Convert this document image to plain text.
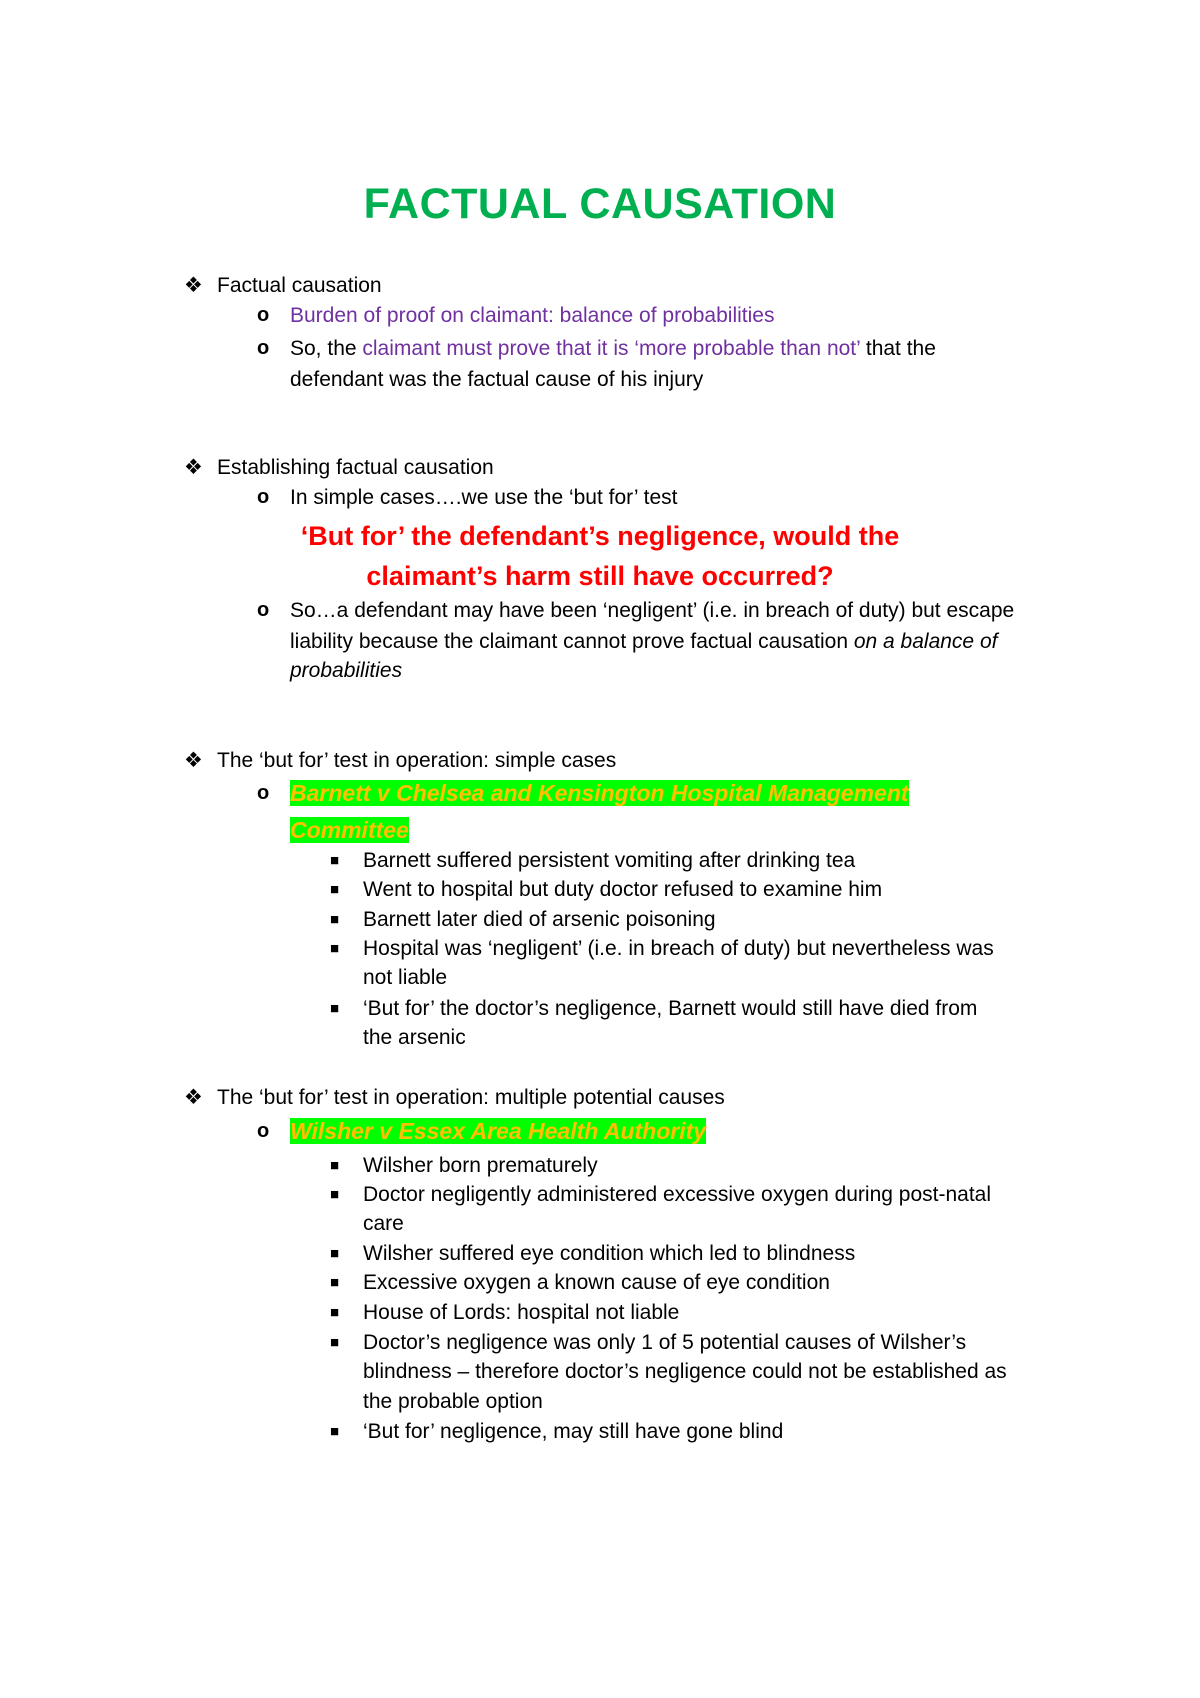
FACTUAL CAUSATION
❖ Factual causation
o Burden of proof on claimant: balance of probabilities
o So, the claimant must prove that it is ‘more probable than not’ that the
defendant was the factual cause of his injury
❖ Establishing factual causation
o In simple cases….we use the ‘but for’ test
‘But for’ the defendant’s negligence, would the
claimant’s harm still have occurred?
o So…a defendant may have been ‘negligent’ (i.e. in breach of duty) but escape
liability because the claimant cannot prove factual causation on a balance of
probabilities
❖ The ‘but for’ test in operation: simple cases
o Barnett v Chelsea and Kensington Hospital Management
Committee
■ Barnett suffered persistent vomiting after drinking tea
■ Went to hospital but duty doctor refused to examine him
■ Barnett later died of arsenic poisoning
■ Hospital was ‘negligent’ (i.e. in breach of duty) but nevertheless was
not liable
■ ‘But for’ the doctor’s negligence, Barnett would still have died from
the arsenic
❖ The ‘but for’ test in operation: multiple potential causes
o Wilsher v Essex Area Health Authority
■ Wilsher born prematurely
■ Doctor negligently administered excessive oxygen during post-natal
care
■ Wilsher suffered eye condition which led to blindness
■ Excessive oxygen a known cause of eye condition
■ House of Lords: hospital not liable
■ Doctor’s negligence was only 1 of 5 potential causes of Wilsher’s
blindness – therefore doctor’s negligence could not be established as
the probable option
■ ‘But for’ negligence, may still have gone blind
